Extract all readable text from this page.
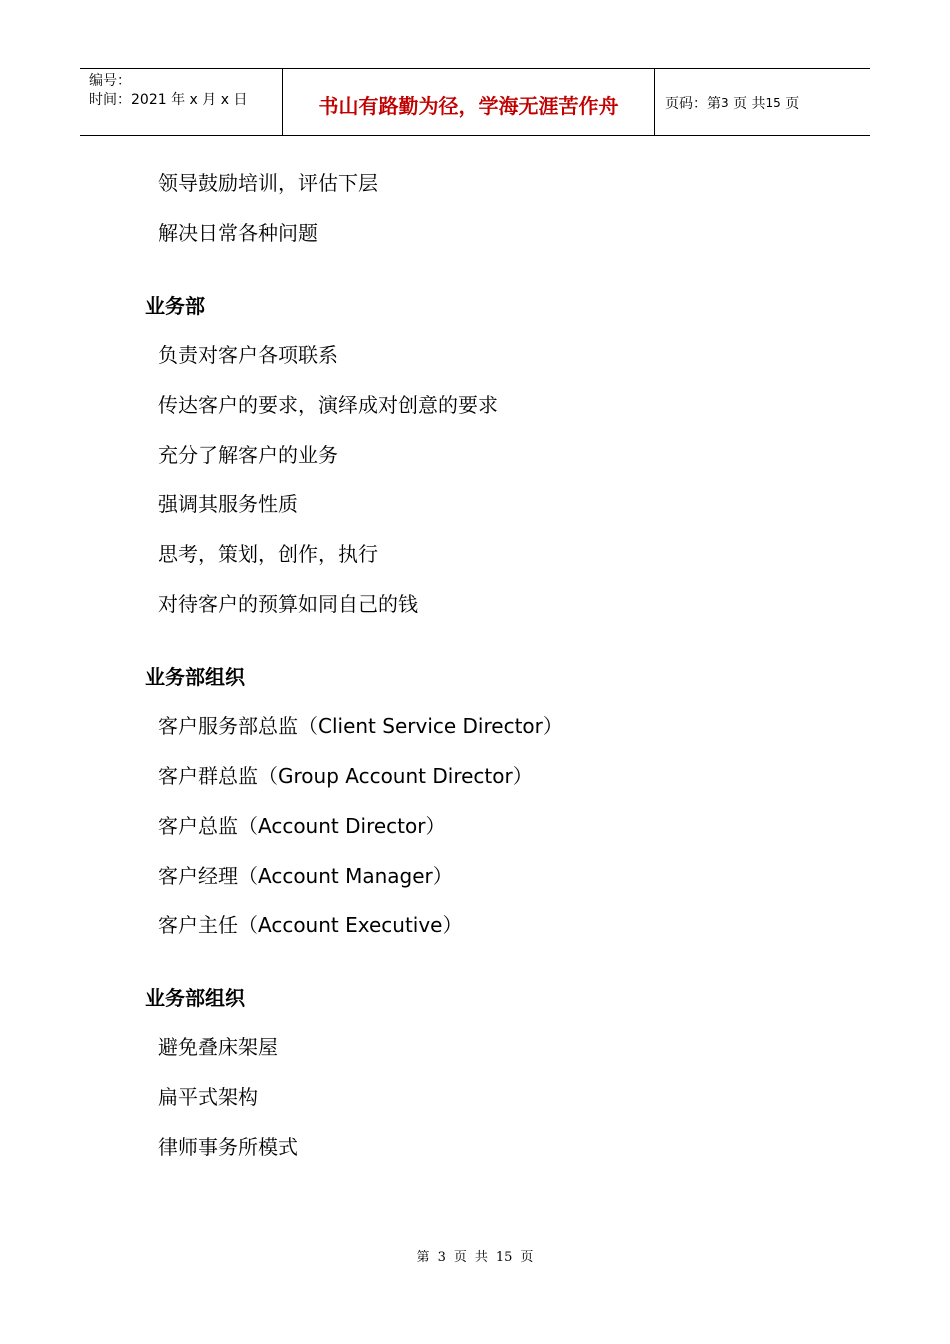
编号：
时间：2021 年 x 月 x 日	书山有路勤为径，学海无涯苦作舟	页码：第 3
页 共 15
页
领导鼓励培训，评估下层
解决日常各种问题
业务部
负责对客户各项联系
传达客户的要求，演绎成对创意的要求
充分了解客户的业务
强调其服务性质
思考，策划，创作，执行
对待客户的预算如同自己的钱
业务部组织
客户服务部总监（Client Service Director）
客户群总监（Group Account Director）
客户总监（Account Director）
客户经理（Account Manager）
客户主任（Account Executive）
业务部组织
避免叠床架屋
扁平式架构
律师事务所模式
第 3 页 共 15 页
